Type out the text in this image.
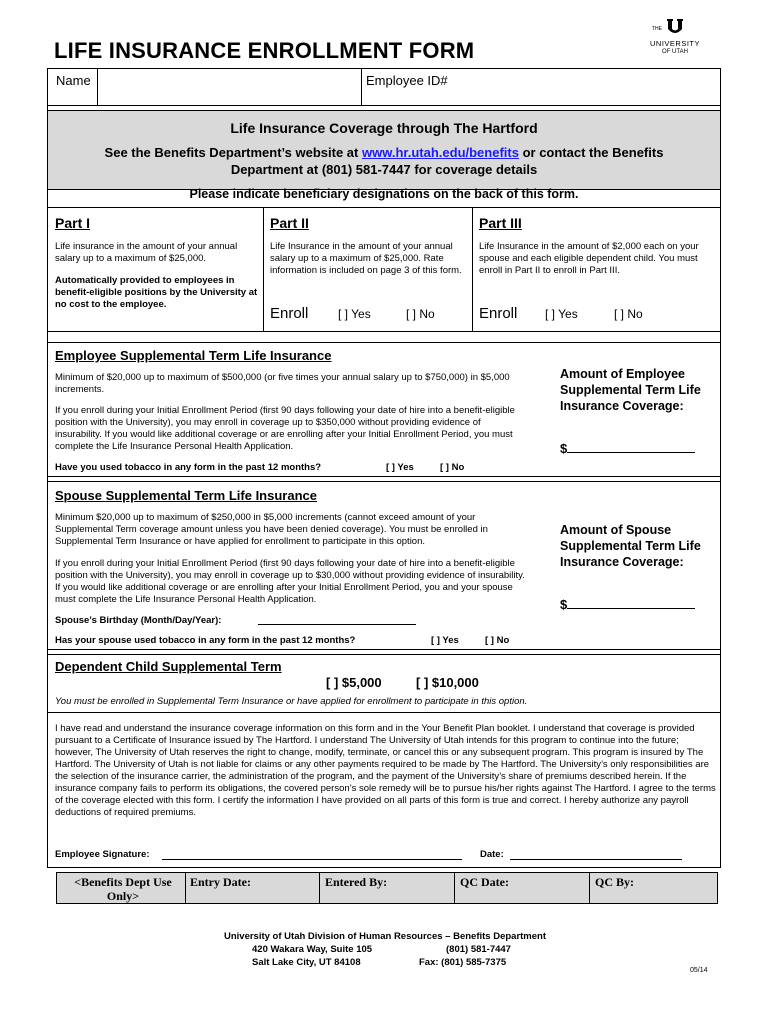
LIFE INSURANCE ENROLLMENT FORM
THE
UNIVERSITY
OF UTAH
Name	Employee ID#
Life Insurance Coverage through The Hartford
See the Benefits Department’s website at www.hr.utah.edu/benefits or contact the Benefits
Department at (801) 581-7447 for coverage details
Please indicate beneficiary designations on the back of this form.
Part I
Life insurance in the amount of your annual salary up to a maximum of $25,000.
Automatically provided to employees in benefit-eligible positions by the University at no cost to the employee.
Part II
Life Insurance in the amount of your annual salary up to a maximum of $25,000. Rate information is included on page 3 of this form.
Enroll [ ] Yes	[ ] No
Part III
Life Insurance in the amount of $2,000 each on your spouse and each eligible dependent child. You must enroll in Part II to enroll in Part III.
Enroll [ ] Yes	[ ] No
Employee Supplemental Term Life Insurance
Minimum of $20,000 up to maximum of $500,000 (or five times your annual salary up to $750,000) in $5,000 increments.
If you enroll during your Initial Enrollment Period (first 90 days following your date of hire into a benefit-eligible position with the University), you may enroll in coverage up to $350,000 without providing evidence of insurability. If you would like additional coverage or are enrolling after your Initial Enrollment Period, you must complete the Life Insurance Personal Health Application.
Have you used tobacco in any form in the past 12 months?	[ ] Yes	[ ] No
Amount of Employee Supplemental Term Life Insurance Coverage:
$
Spouse Supplemental Term Life Insurance
Minimum $20,000 up to maximum of $250,000 in $5,000 increments (cannot exceed amount of your Supplemental Term coverage amount unless you have been denied coverage). You must be enrolled in Supplemental Term Insurance or have applied for enrollment to participate in this option.
If you enroll during your Initial Enrollment Period (first 90 days following your date of hire into a benefit-eligible position with the University), you may enroll in coverage up to $30,000 without providing evidence of insurability. If you would like additional coverage or are enrolling after your Initial Enrollment Period, you and your spouse must complete the Life Insurance Personal Health Application.
Spouse’s Birthday (Month/Day/Year):
Has your spouse used tobacco in any form in the past 12 months?	[ ] Yes	[ ] No
Amount of Spouse Supplemental Term Life Insurance Coverage:
$
Dependent Child Supplemental Term
[ ] $5,000	[ ] $10,000
You must be enrolled in Supplemental Term Insurance or have applied for enrollment to participate in this option.
I have read and understand the insurance coverage information on this form and in the Your Benefit Plan booklet. I understand that coverage is provided pursuant to a Certificate of Insurance issued by The Hartford. I understand The University of Utah intends for this program to continue into the future; however, The University of Utah reserves the right to change, modify, terminate, or cancel this or any subsequent program. This program is insured by The Hartford. The University of Utah is not liable for claims or any other payments required to be made by The Hartford. The University’s only responsibilities are the selection of the insurance carrier, the administration of the program, and the payment of the University’s share of premiums described herein. If the insurance company fails to perform its obligations, the covered person’s sole remedy will be to pursue his/her rights against The Hartford. I agree to the terms of the coverage elected with this form. I certify the information I have provided on all parts of this form is true and correct. I hereby authorize any payroll deductions of required premiums.
Employee Signature:	Date:
<Benefits Dept Use Only>
Entry Date:	Entered By:	QC Date:	QC By:
University of Utah Division of Human Resources – Benefits Department
420 Wakara Way, Suite 105	(801) 581-7447
Salt Lake City, UT 84108	Fax: (801) 585-7375
05/14
